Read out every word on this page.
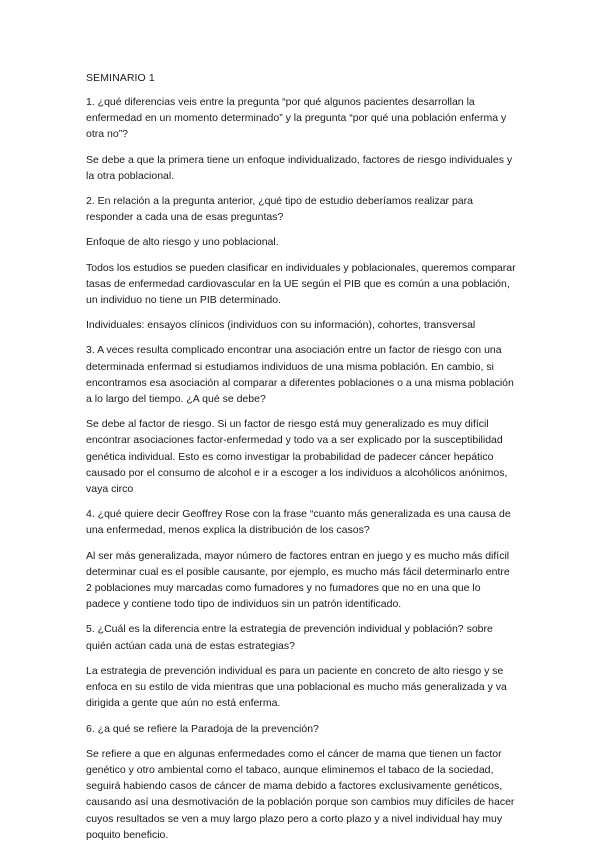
SEMINARIO 1

1. ¿qué diferencias veis entre la pregunta “por qué algunos pacientes desarrollan la enfermedad en un momento determinado” y la pregunta “por qué una población enferma y otra no”?

Se debe a que la primera tiene un enfoque individualizado, factores de riesgo individuales y la otra poblacional.

2. En relación a la pregunta anterior, ¿qué tipo de estudio deberíamos realizar para responder a cada una de esas preguntas?

Enfoque de alto riesgo y uno poblacional.

Todos los estudios se pueden clasificar en individuales y poblacionales, queremos comparar tasas de enfermedad cardiovascular en la UE según el PIB que es común a una población, un individuo no tiene un PIB determinado.

Individuales: ensayos clínicos (individuos con su información), cohortes, transversal

3. A veces resulta complicado encontrar una asociación entre un factor de riesgo con una determinada enfermad si estudiamos individuos de una misma población. En cambio, si encontramos esa asociación al comparar a diferentes poblaciones o a una misma población a lo largo del tiempo. ¿A qué se debe?

Se debe al factor de riesgo. Si un factor de riesgo está muy generalizado es muy difícil encontrar asociaciones factor-enfermedad y todo va a ser explicado por la susceptibilidad genética individual. Esto es como investigar la probabilidad de padecer cáncer hepático causado por el consumo de alcohol e ir a escoger a los individuos a alcohólicos anónimos, vaya circo

4. ¿qué quiere decir Geoffrey Rose con la frase “cuanto más generalizada es una causa de una enfermedad, menos explica la distribución de los casos?

Al ser más generalizada, mayor número de factores entran en juego y es mucho más difícil determinar cual es el posible causante, por ejemplo, es mucho más fácil determinarlo entre 2 poblaciones muy marcadas como fumadores y no fumadores que no en una que lo padece y contiene todo tipo de individuos sin un patrón identificado.

5. ¿Cuál es la diferencia entre la estrategia de prevención individual y población? sobre quién actúan cada una de estas estrategias?

La estrategia de prevención individual es para un paciente en concreto de alto riesgo y se enfoca en su estilo de vida mientras que una poblacional es mucho más generalizada y va dirigida a gente que aún no está enferma.

6. ¿a qué se refiere la Paradoja de la prevención?

Se refiere a que en algunas enfermedades como el cáncer de mama que tienen un factor genético y otro ambiental como el tabaco, aunque eliminemos el tabaco de la sociedad, seguirá habiendo casos de cáncer de mama debido a factores exclusivamente genéticos, causando así una desmotivación de la población porque son cambios muy difíciles de hacer cuyos resultados se ven a muy largo plazo pero a corto plazo y a nivel individual hay muy poquito beneficio.
